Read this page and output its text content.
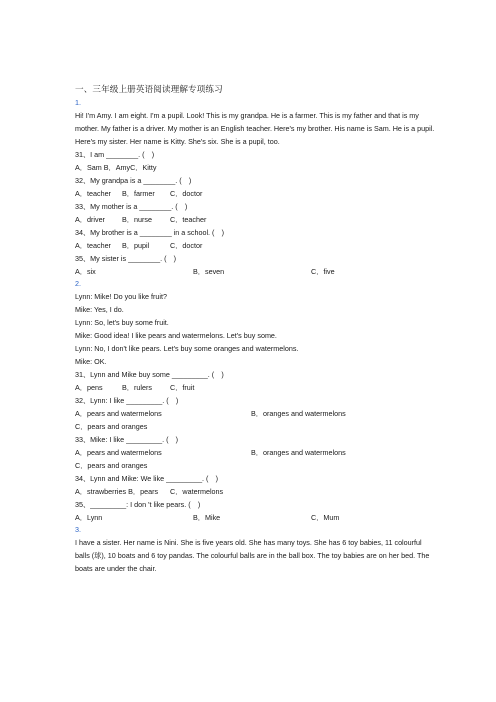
一、三年级上册英语阅读理解专项练习
1.

Hi! I'm Amy. I am eight. I'm a pupil. Look! This is my grandpa. He is a farmer. This is my father and that is my mother. My father is a driver. My mother is an English teacher. Here's my brother. His name is Sam. He is a pupil. Here's my sister. Her name is Kitty. She's six. She is a pupil, too.

31、I am ________. (　)
A．Sam B．AmyC．Kitty
32、My grandpa is a ________. (　)
A．teacher	B．farmer	C．doctor
33、My mother is a ________. (　)
A．driver	B．nurse	C．teacher
34、My brother is a ________ in a school. (　)
A．teacher	B．pupil	C．doctor
35、My sister is ________. (　)
A．six	B．seven	C．five
2.
Lynn: Mike! Do you like fruit?
Mike: Yes, I do.
Lynn: So, let's buy some fruit.
Mike: Good idea! I like pears and watermelons. Let's buy some.
Lynn: No, I don't like pears. Let's buy some oranges and watermelons.
Mike: OK.
31、Lynn and Mike buy some _________. (　)
A．pens	B．rulers	C．fruit
32、Lynn: I like _________. (　)
A．pears and watermelons	B．oranges and watermelons
C．pears and oranges
33、Mike: I like _________. (　)
A．pears and watermelons	B．oranges and watermelons
C．pears and oranges
34、Lynn and Mike: We like _________. (　)
A．strawberries B．pears	C．watermelons
35、_________: I don 't like pears. (　)
A．Lynn	B．Mike	C．Mum
3.

I have a sister. Her name is Nini. She is five years old. She has many toys. She has 6 toy babies, 11 colourful balls (球), 10 boats and 6 toy pandas. The colourful balls are in the ball box. The toy babies are on her bed. The boats are under the chair.
